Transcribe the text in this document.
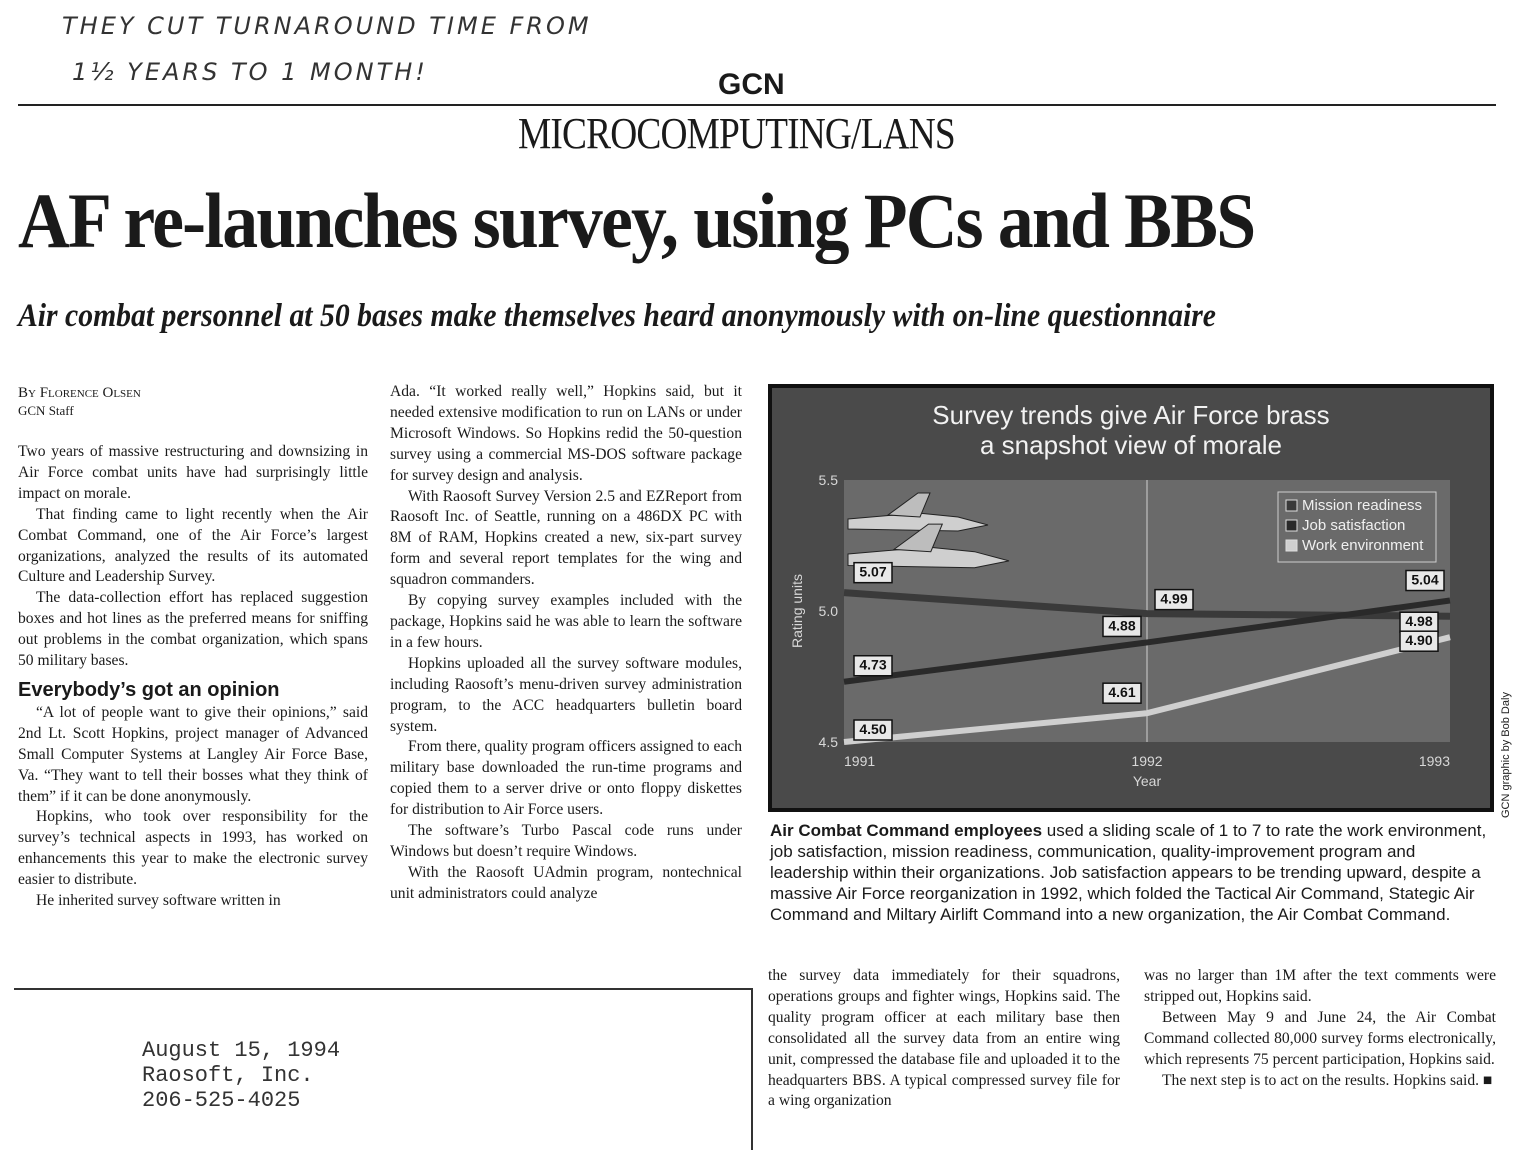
THEY CUT TURNAROUND TIME FROM
1½ YEARS TO 1 MONTH!	GCN
MICROCOMPUTING/LANS
AF re-launches survey, using PCs and BBS
Air combat personnel at 50 bases make themselves heard anonymously with on-line questionnaire
By Florence Olsen
GCN Staff

Two years of massive restructuring and downsizing in Air Force combat units have had surprisingly little impact on morale.

That finding came to light recently when the Air Combat Command, one of the Air Force’s largest organizations, analyzed the results of its automated Culture and Leadership Survey.

The data-collection effort has replaced suggestion boxes and hot lines as the preferred means for sniffing out problems in the combat organization, which spans 50 military bases.

Everybody’s got an opinion

“A lot of people want to give their opinions,” said 2nd Lt. Scott Hopkins, project manager of Advanced Small Computer Systems at Langley Air Force Base, Va. “They want to tell their bosses what they think of them” if it can be done anonymously.

Hopkins, who took over responsibility for the survey’s technical aspects in 1993, has worked on enhancements this year to make the electronic survey easier to distribute.

He inherited survey software written in

Ada. “It worked really well,” Hopkins said, but it needed extensive modification to run on LANs or under Microsoft Windows. So Hopkins redid the 50-question survey using a commercial MS-DOS software package for survey design and analysis.

With Raosoft Survey Version 2.5 and EZReport from Raosoft Inc. of Seattle, running on a 486DX PC with 8M of RAM, Hopkins created a new, six-part survey form and several report templates for the wing and squadron commanders.

By copying survey examples included with the package, Hopkins said he was able to learn the software in a few hours.

Hopkins uploaded all the survey software modules, including Raosoft’s menu-driven survey administration program, to the ACC headquarters bulletin board system.

From there, quality program officers assigned to each military base downloaded the run-time programs and copied them to a server drive or onto floppy diskettes for distribution to Air Force users.

The software’s Turbo Pascal code runs under Windows but doesn’t require Windows.

With the Raosoft UAdmin program, nontechnical unit administrators could analyze

Survey trends give Air Force brass
a snapshot view of morale
4.5
5.0
5.5
Rating units
1991	1992	1993
Year
5.07
4.73
4.50
4.88
4.99
4.61
5.04
4.98
4.90
Mission readiness
Job satisfaction
Work environment
GCN graphic by Bob Daly
Air Combat Command employees used a sliding scale of 1 to 7 to rate the work environment, job satisfaction, mission readiness, communication, quality-improvement program and leadership within their organizations. Job satisfaction appears to be trending upward, despite a massive Air Force reorganization in 1992, which folded the Tactical Air Command, Stategic Air Command and Miltary Airlift Command into a new organization, the Air Combat Command.

the survey data immediately for their squadrons, operations groups and fighter wings, Hopkins said. The quality program officer at each military base then consolidated all the survey data from an entire wing unit, compressed the database file and uploaded it to the headquarters BBS. A typical compressed survey file for a wing organization

was no larger than 1M after the text comments were stripped out, Hopkins said.

Between May 9 and June 24, the Air Combat Command collected 80,000 survey forms electronically, which represents 75 percent participation, Hopkins said.

The next step is to act on the results. Hopkins said. ■

August 15, 1994
Raosoft, Inc.
206-525-4025
